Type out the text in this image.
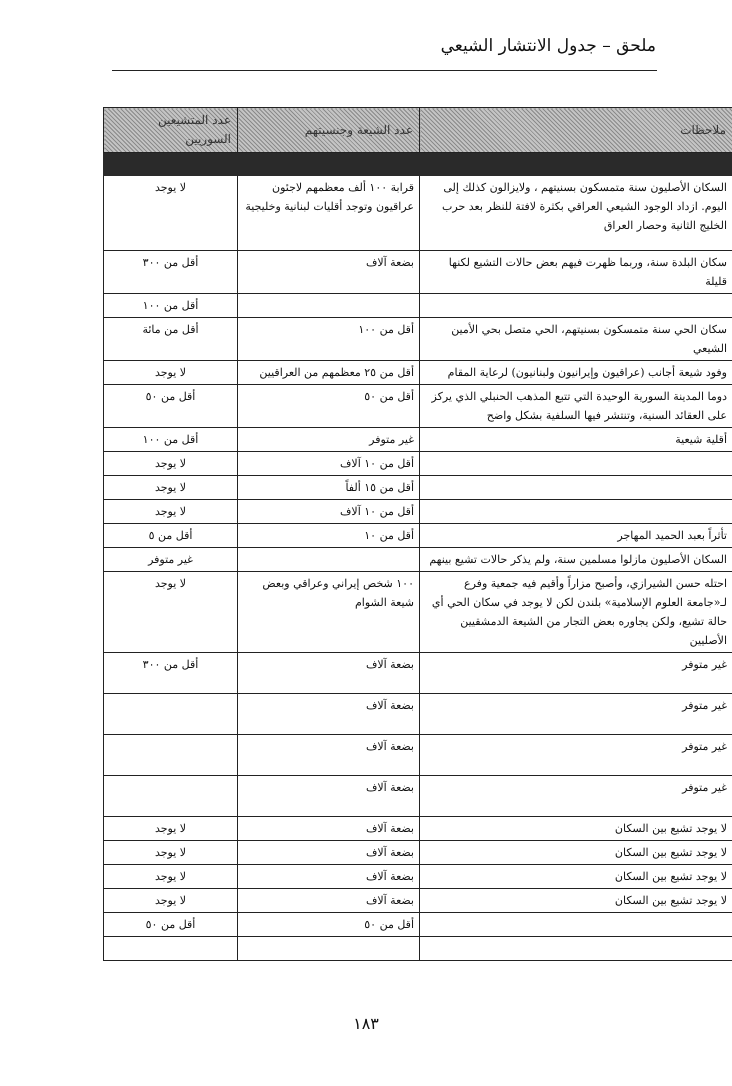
ملحق – جدول الانتشار الشيعي
ملاحظات	عدد الشيعة وجنسيتهم	عدد المتشيعين السوريين

السكان الأصليون سنة متمسكون بسنيتهم ، ولايزالون كذلك إلى اليوم. ازداد الوجود الشيعي العراقي بكثرة لافتة للنظر بعد حرب الخليج الثانية وحصار العراق	قرابة ١٠٠ ألف معظمهم لاجئون عراقيون وتوجد أقليات لبنانية وخليجية	لا يوجد
سكان البلدة سنة، وربما ظهرت فيهم بعض حالات التشيع لكنها قليلة	بضعة آلاف	أقل من ٣٠٠
		أقل من ١٠٠
سكان الحي سنة متمسكون بسنيتهم، الحي متصل بحي الأمين الشيعي	أقل من ١٠٠	أقل من مائة
وفود شيعة أجانب (عراقيون وإيرانيون ولبنانيون) لرعاية المقام	أقل من ٢٥ معظمهم من العراقيين	لا يوجد
دوما المدينة السورية الوحيدة التي تتبع المذهب الحنبلي الذي يركز على العقائد السنية، وتنتشر فيها السلفية بشكل واضح	أقل من ٥٠	أقل من ٥٠
أقلية شيعية	غير متوفر	أقل من ١٠٠
	أقل من ١٠ آلاف	لا يوجد
	أقل من ١٥ ألفاً	لا يوجد
	أقل من ١٠ آلاف	لا يوجد
تأثراً بعبد الحميد المهاجر	أقل من ١٠	أقل من ٥
السكان الأصليون مازلوا مسلمين سنة، ولم يذكر حالات تشيع بينهم		غير متوفر
احتله حسن الشيرازي، وأصبح مزاراً وأقيم فيه جمعية وفرع لـ«جامعة العلوم الإسلامية» بلندن لكن لا يوجد في سكان الحي أي حالة تشيع، ولكن يجاوره بعض التجار من الشيعة الدمشقيين الأصليين	١٠٠ شخص إيراني وعراقي وبعض شيعة الشوام	لا يوجد
غير متوفر	بضعة آلاف	أقل من ٣٠٠
غير متوفر	بضعة آلاف	
غير متوفر	بضعة آلاف	
غير متوفر	بضعة آلاف	
لا يوجد تشيع بين السكان	بضعة آلاف	لا يوجد
لا يوجد تشيع بين السكان	بضعة آلاف	لا يوجد
لا يوجد تشيع بين السكان	بضعة آلاف	لا يوجد
لا يوجد تشيع بين السكان	بضعة آلاف	لا يوجد
	أقل من ٥٠	أقل من ٥٠

١٨٣
